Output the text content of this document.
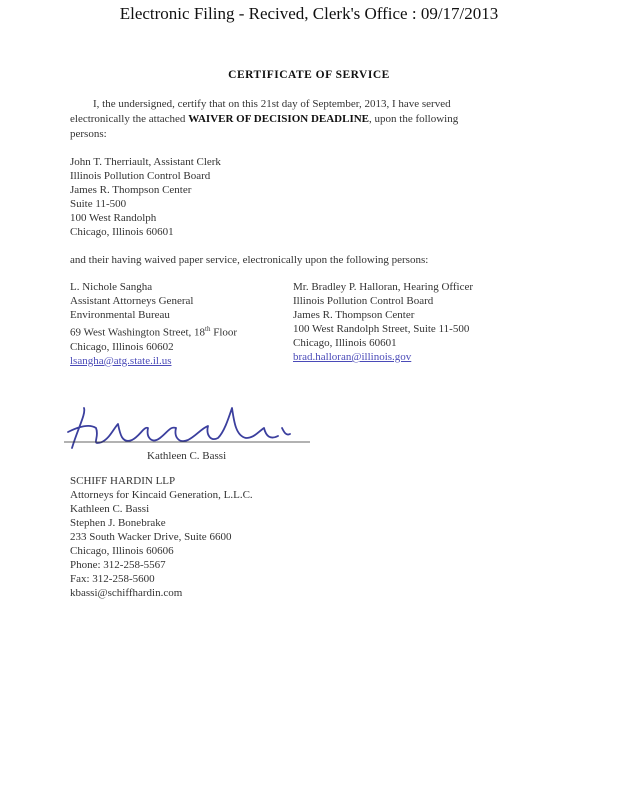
Electronic Filing - Recived, Clerk's Office : 09/17/2013
CERTIFICATE OF SERVICE
I, the undersigned, certify that on this 21st day of September, 2013, I have served
electronically the attached WAIVER OF DECISION DEADLINE, upon the following
persons:
John T. Therriault, Assistant Clerk
Illinois Pollution Control Board
James R. Thompson Center
Suite 11-500
100 West Randolph
Chicago, Illinois 60601
and their having waived paper service, electronically upon the following persons:
L. Nichole Sangha
Assistant Attorneys General
Environmental Bureau
69 West Washington Street, 18th Floor
Chicago, Illinois 60602
lsangha@atg.state.il.us
Mr. Bradley P. Halloran, Hearing Officer
Illinois Pollution Control Board
James R. Thompson Center
100 West Randolph Street, Suite 11-500
Chicago, Illinois 60601
brad.halloran@illinois.gov
Kathleen C. Bassi
SCHIFF HARDIN LLP
Attorneys for Kincaid Generation, L.L.C.
Kathleen C. Bassi
Stephen J. Bonebrake
233 South Wacker Drive, Suite 6600
Chicago, Illinois 60606
Phone: 312-258-5567
Fax: 312-258-5600
kbassi@schiffhardin.com
